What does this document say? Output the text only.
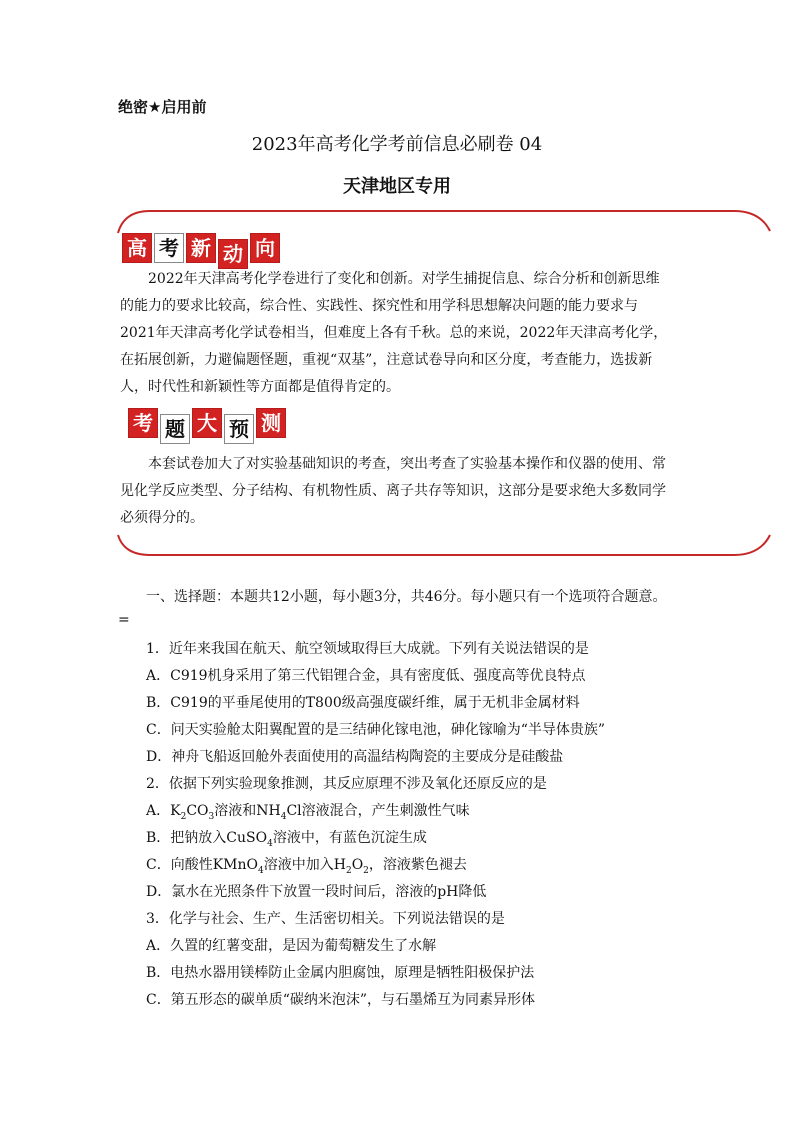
绝密★启用前
2023年高考化学考前信息必刷卷 04
天津地区专用
高 考 新 动 向
2022年天津高考化学卷进行了变化和创新。对学生捕捉信息、综合分析和创新思维的能力的要求比较高，综合性、实践性、探究性和用学科思想解决问题的能力要求与2021年天津高考化学试卷相当，但难度上各有千秋。总的来说，2022年天津高考化学，在拓展创新，力避偏题怪题，重视“双基”，注意试卷导向和区分度，考查能力，选拔新人，时代性和新颖性等方面都是值得肯定的。
考 题 大 预 测
本套试卷加大了对实验基础知识的考查，突出考查了实验基本操作和仪器的使用、常见化学反应类型、分子结构、有机物性质、离子共存等知识，这部分是要求绝大多数同学必须得分的。
一、选择题：本题共12小题，每小题3分，共46分。每小题只有一个选项符合题意。
=
1．近年来我国在航天、航空领域取得巨大成就。下列有关说法错误的是
A．C919机身采用了第三代铝锂合金，具有密度低、强度高等优良特点
B．C919的平垂尾使用的T800级高强度碳纤维，属于无机非金属材料
C．问天实验舱太阳翼配置的是三结砷化镓电池，砷化镓喻为“半导体贵族”
D．神舟飞船返回舱外表面使用的高温结构陶瓷的主要成分是硅酸盐
2．依据下列实验现象推测，其反应原理不涉及氧化还原反应的是
A．$K_2CO_3$溶液和$NH_4Cl$溶液混合，产生刺激性气味
B．把钠放入CuSO$_4$溶液中，有蓝色沉淀生成
C．向酸性KMnO$_4$溶液中加入$H_2O_2$，溶液紫色褪去
D．氯水在光照条件下放置一段时间后，溶液的pH降低
3．化学与社会、生产、生活密切相关。下列说法错误的是
A．久置的红薯变甜，是因为葡萄糖发生了水解
B．电热水器用镁棒防止金属内胆腐蚀，原理是牺牲阳极保护法
C．第五形态的碳单质“碳纳米泡沫”，与石墨烯互为同素异形体
